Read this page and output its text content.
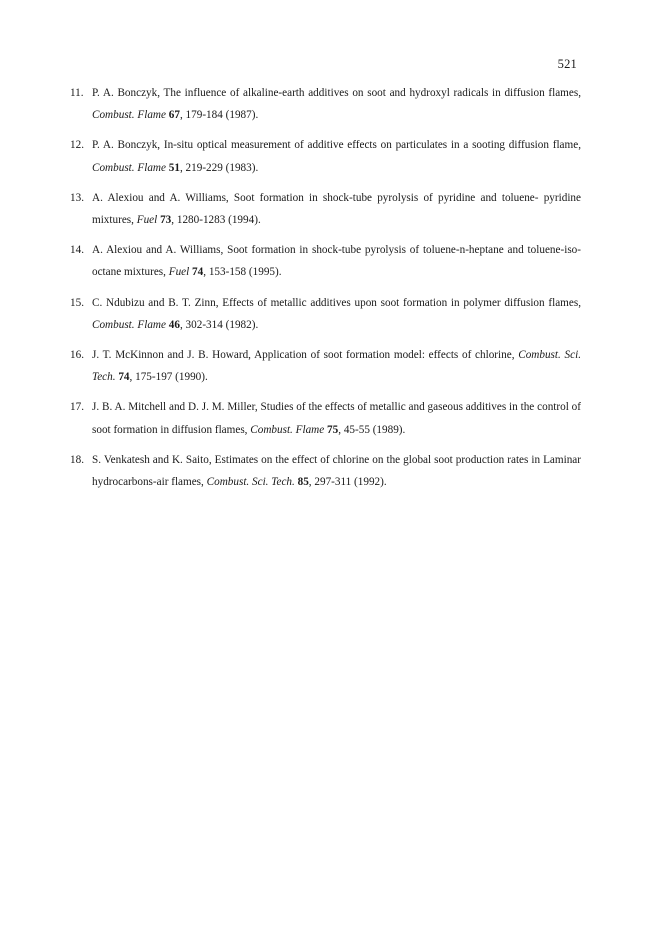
521
11. P. A. Bonczyk, The influence of alkaline-earth additives on soot and hydroxyl radicals in diffusion flames, Combust. Flame 67, 179-184 (1987).
12. P. A. Bonczyk, In-situ optical measurement of additive effects on particulates in a sooting diffusion flame, Combust. Flame 51, 219-229 (1983).
13. A. Alexiou and A. Williams, Soot formation in shock-tube pyrolysis of pyridine and toluene- pyridine mixtures, Fuel 73, 1280-1283 (1994).
14. A. Alexiou and A. Williams, Soot formation in shock-tube pyrolysis of toluene-n-heptane and toluene-iso-octane mixtures, Fuel 74, 153-158 (1995).
15. C. Ndubizu and B. T. Zinn, Effects of metallic additives upon soot formation in polymer diffusion flames, Combust. Flame 46, 302-314 (1982).
16. J. T. McKinnon and J. B. Howard, Application of soot formation model: effects of chlorine, Combust. Sci. Tech. 74, 175-197 (1990).
17. J. B. A. Mitchell and D. J. M. Miller, Studies of the effects of metallic and gaseous additives in the control of soot formation in diffusion flames, Combust. Flame 75, 45-55 (1989).
18. S. Venkatesh and K. Saito, Estimates on the effect of chlorine on the global soot production rates in Laminar hydrocarbons-air flames, Combust. Sci. Tech. 85, 297-311 (1992).
